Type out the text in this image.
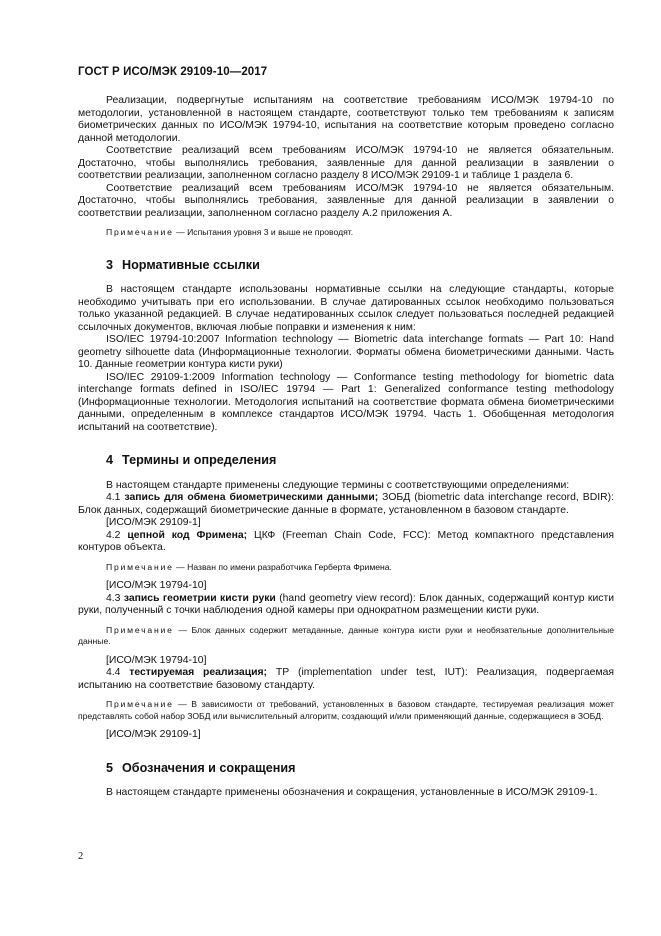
ГОСТ Р ИСО/МЭК 29109-10—2017

Реализации, подвергнутые испытаниям на соответствие требованиям ИСО/МЭК 19794-10 по методологии, установленной в настоящем стандарте, соответствуют только тем требованиям к записям биометрических данных по ИСО/МЭК 19794-10, испытания на соответствие которым проведено согласно данной методологии.

Соответствие реализаций всем требованиям ИСО/МЭК 19794-10 не является обязательным. Достаточно, чтобы выполнялись требования, заявленные для данной реализации в заявлении о соответствии реализации, заполненном согласно разделу 8 ИСО/МЭК 29109-1 и таблице 1 раздела 6.

Соответствие реализаций всем требованиям ИСО/МЭК 19794-10 не является обязательным. Достаточно, чтобы выполнялись требования, заявленные для данной реализации в заявлении о соответствии реализации, заполненном согласно разделу А.2 приложения А.

Примечание — Испытания уровня 3 и выше не проводят.

3 Нормативные ссылки

В настоящем стандарте использованы нормативные ссылки на следующие стандарты, которые необходимо учитывать при его использовании. В случае датированных ссылок необходимо пользоваться только указанной редакцией. В случае недатированных ссылок следует пользоваться последней редакцией ссылочных документов, включая любые поправки и изменения к ним:

ISO/IEC 19794-10:2007 Information technology — Biometric data interchange formats — Part 10: Hand geometry silhouette data (Информационные технологии. Форматы обмена биометрическими данными. Часть 10. Данные геометрии контура кисти руки)

ISO/IEC 29109-1:2009 Information technology — Conformance testing methodology for biometric data interchange formats defined in ISO/IEC 19794 — Part 1: Generalized conformance testing methodology (Информационные технологии. Методология испытаний на соответствие формата обмена биометрическими данными, определенным в комплексе стандартов ИСО/МЭК 19794. Часть 1. Обобщенная методология испытаний на соответствие).

4 Термины и определения

В настоящем стандарте применены следующие термины с соответствующими определениями:

4.1 запись для обмена биометрическими данными; ЗОБД (biometric data interchange record, BDIR): Блок данных, содержащий биометрические данные в формате, установленном в базовом стандарте.

[ИСО/МЭК 29109-1]

4.2 цепной код Фримена; ЦКФ (Freeman Chain Code, FCC): Метод компактного представления контуров объекта.

Примечание — Назван по имени разработчика Герберта Фримена.

[ИСО/МЭК 19794-10]

4.3 запись геометрии кисти руки (hand geometry view record): Блок данных, содержащий контур кисти руки, полученный с точки наблюдения одной камеры при однократном размещении кисти руки.

Примечание — Блок данных содержит метаданные, данные контура кисти руки и необязательные дополнительные данные.

[ИСО/МЭК 19794-10]

4.4 тестируемая реализация; ТР (implementation under test, IUT): Реализация, подвергаемая испытанию на соответствие базовому стандарту.

Примечание — В зависимости от требований, установленных в базовом стандарте, тестируемая реализация может представлять собой набор ЗОБД или вычислительный алгоритм, создающий и/или применяющий данные, содержащиеся в ЗОБД.

[ИСО/МЭК 29109-1]

5 Обозначения и сокращения

В настоящем стандарте применены обозначения и сокращения, установленные в ИСО/МЭК 29109-1.

2
